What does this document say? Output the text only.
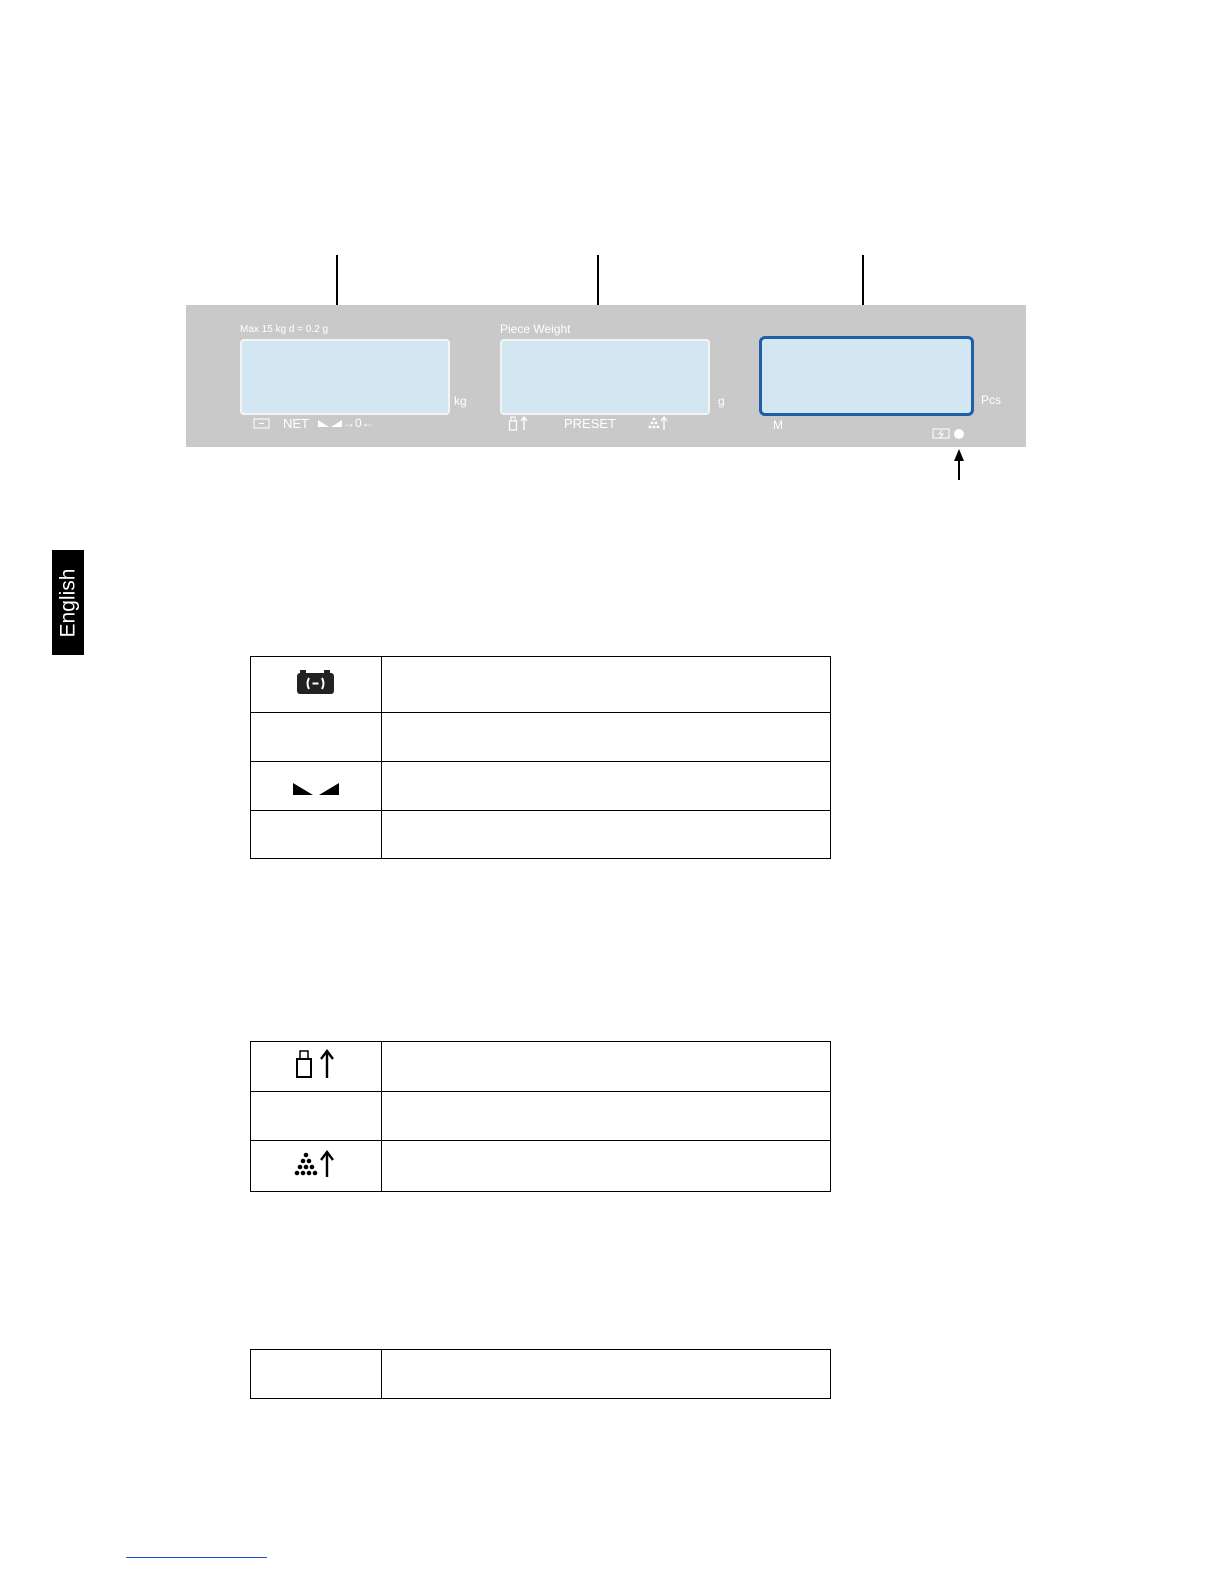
English
Max 15 kg d = 0.2 g
kg
Piece Weight
g	Pcs
NET	→0←	PRESET	M
